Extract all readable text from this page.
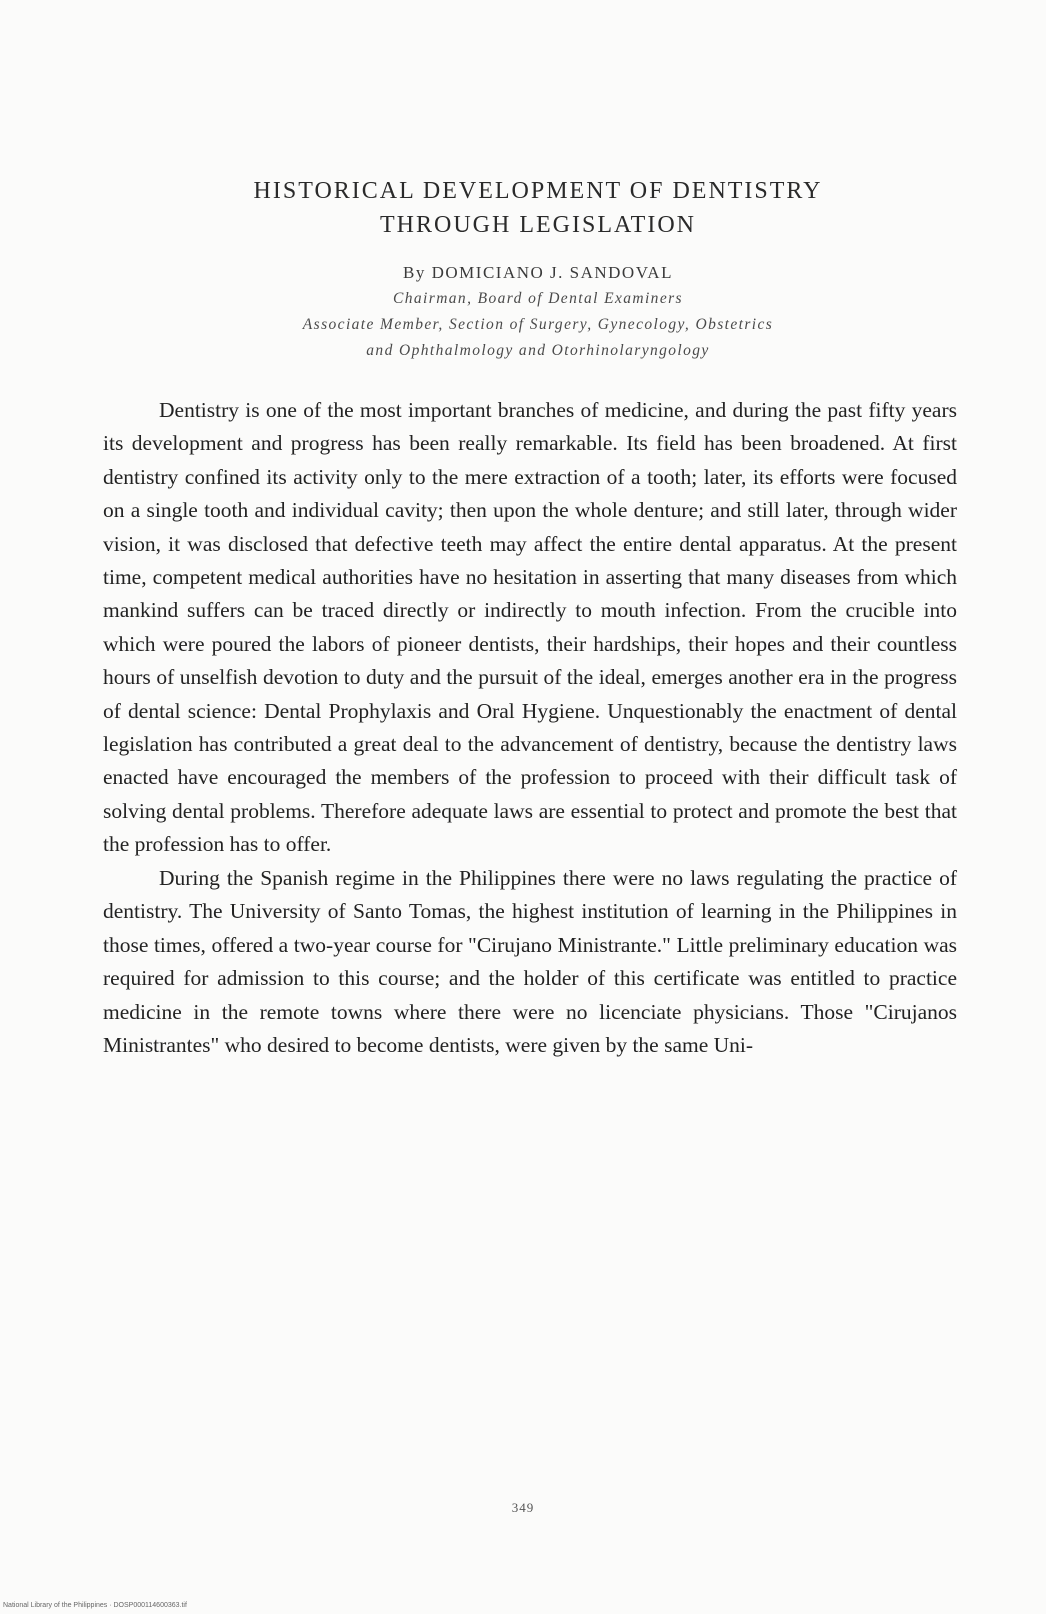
HISTORICAL DEVELOPMENT OF DENTISTRY
THROUGH LEGISLATION
By DOMICIANO J. SANDOVAL
Chairman, Board of Dental Examiners
Associate Member, Section of Surgery, Gynecology, Obstetrics
and Ophthalmology and Otorhinolaryngology

Dentistry is one of the most important branches of medicine, and during the past fifty years its development and progress has been really remarkable. Its field has been broadened. At first dentistry confined its activity only to the mere extraction of a tooth; later, its efforts were focused on a single tooth and individual cavity; then upon the whole denture; and still later, through wider vision, it was disclosed that defective teeth may affect the entire dental apparatus. At the present time, competent medical authorities have no hesitation in asserting that many diseases from which mankind suffers can be traced directly or indirectly to mouth infection. From the crucible into which were poured the labors of pioneer dentists, their hardships, their hopes and their countless hours of unselfish devotion to duty and the pursuit of the ideal, emerges another era in the progress of dental science: Dental Prophylaxis and Oral Hygiene. Unquestionably the enactment of dental legislation has contributed a great deal to the advancement of dentistry, because the dentistry laws enacted have encouraged the members of the profession to proceed with their difficult task of solving dental problems. Therefore adequate laws are essential to protect and promote the best that the profession has to offer.

During the Spanish regime in the Philippines there were no laws regulating the practice of dentistry. The University of Santo Tomas, the highest institution of learning in the Philippines in those times, offered a two-year course for "Cirujano Ministrante." Little preliminary education was required for admission to this course; and the holder of this certificate was entitled to practice medicine in the remote towns where there were no licenciate physicians. Those "Cirujanos Ministrantes" who desired to become dentists, were given by the same Uni-

349
National Library of the Philippines · DOSP000114600363.tif
